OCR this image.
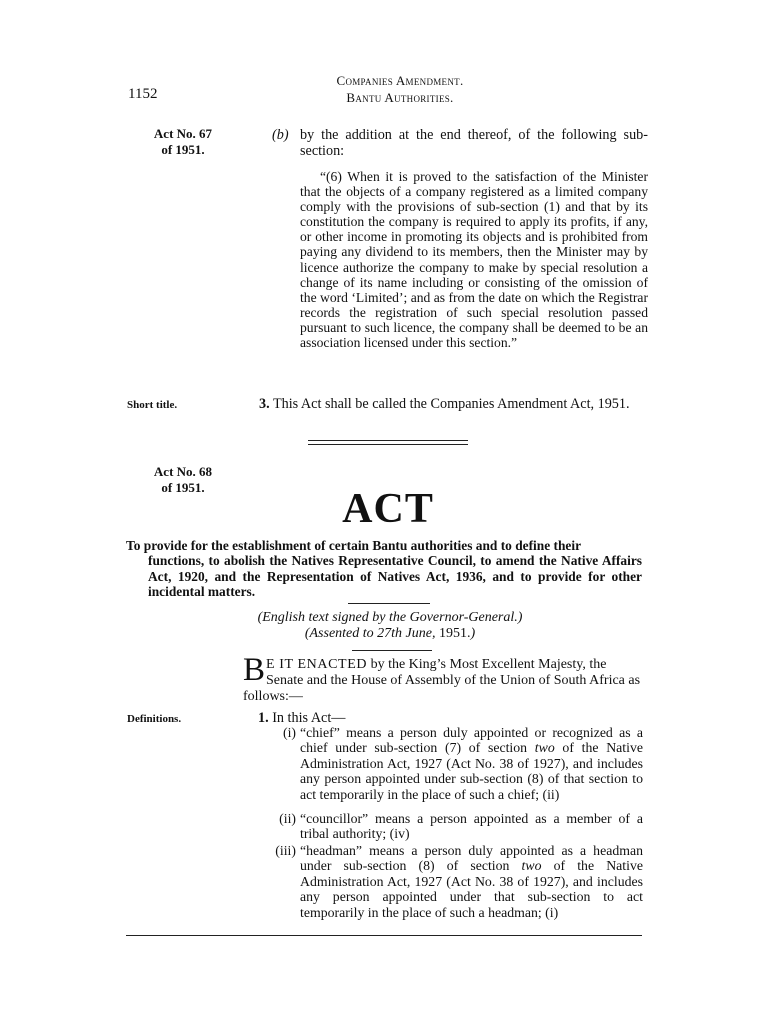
1152
Companies Amendment.
Bantu Authorities.
Act No. 67
of 1951.
(b) by the addition at the end thereof, of the following sub-section:
“(6) When it is proved to the satisfaction of the Minister that the objects of a company registered as a limited company comply with the provisions of sub-section (1) and that by its constitution the company is required to apply its profits, if any, or other income in promoting its objects and is prohibited from paying any dividend to its members, then the Minister may by licence authorize the company to make by special resolution a change of its name including or consisting of the omission of the word ‘Limited’; and as from the date on which the Registrar records the registration of such special resolution passed pursuant to such licence, the company shall be deemed to be an association licensed under this section.”
Short title.	3. This Act shall be called the Companies Amendment Act, 1951.
Act No. 68
of 1951.	ACT
To provide for the establishment of certain Bantu authorities and to define their
functions, to abolish the Natives Representative Council, to amend the Native Affairs Act, 1920, and the Representation of Natives Act, 1936, and to provide for other incidental matters.
(English text signed by the Governor-General.)
(Assented to 27th June, 1951.)
B E IT ENACTED by the King’s Most Excellent Majesty, the Senate and the House of Assembly of the Union of South Africa as follows:—
Definitions.	1. In this Act—
(i) “chief” means a person duly appointed or recognized as a chief under sub-section (7) of section two of the Native Administration Act, 1927 (Act No. 38 of 1927), and includes any person appointed under sub-section (8) of that section to act temporarily in the place of such a chief; (ii)
(ii) “councillor” means a person appointed as a member of a tribal authority; (iv)
(iii) “headman” means a person duly appointed as a headman under sub-section (8) of section two of the Native Administration Act, 1927 (Act No. 38 of 1927), and includes any person appointed under that sub-section to act temporarily in the place of such a headman; (i)
